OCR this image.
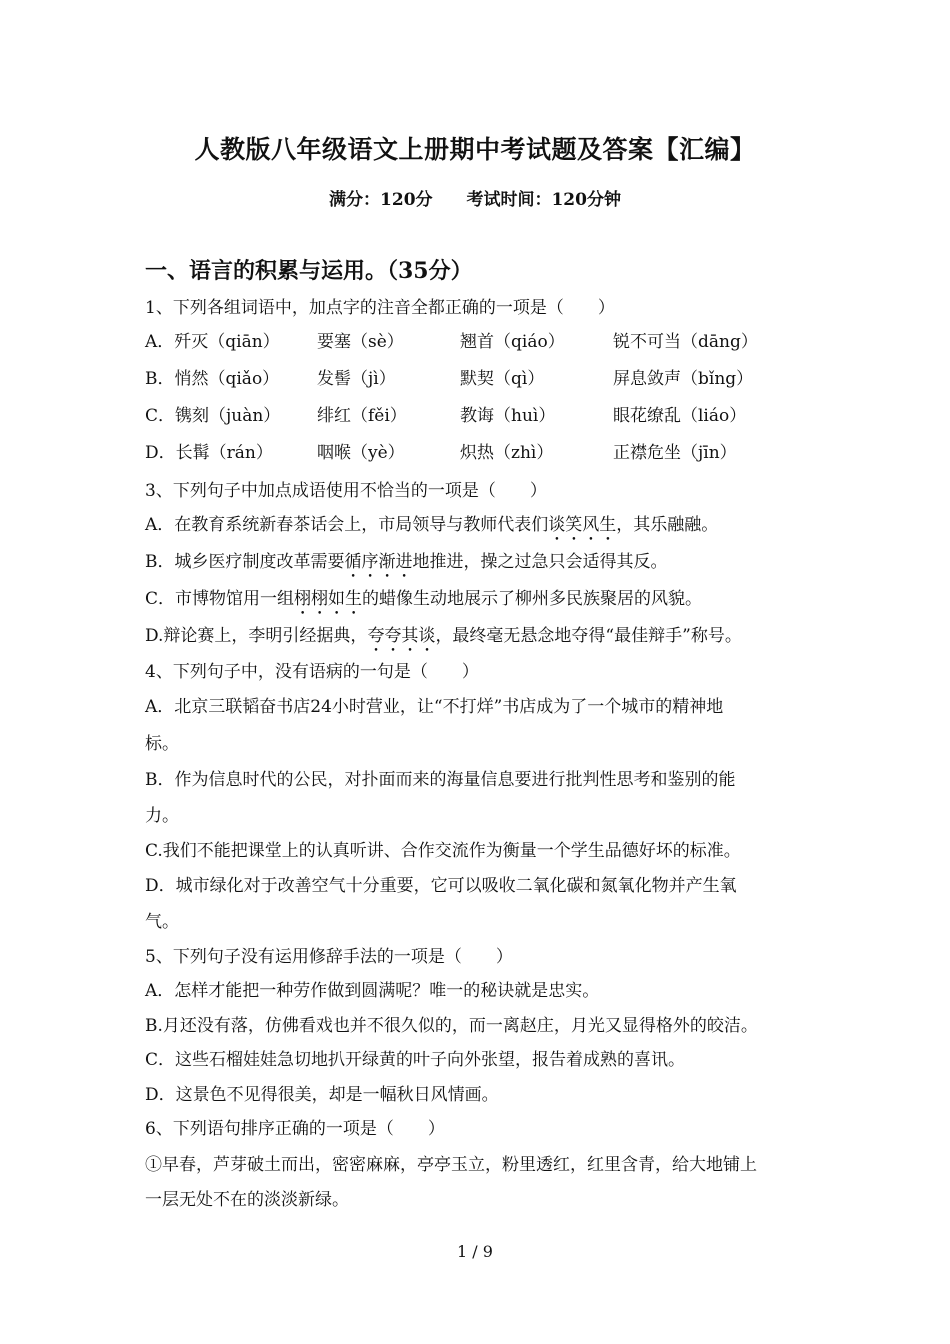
人教版八年级语文上册期中考试题及答案【汇编】
满分：120分 考试时间：120分钟
一、语言的积累与运用。（35分）
1、下列各组词语中，加点字的注音全都正确的一项是（　　）
A．歼灭（qiān） 要塞（sè）	翘首（qiáo）	锐不可当（dāng）
B．悄然（qiǎo） 发髻（jì）	默契（qì）	屏息敛声（bǐng）
C．镌刻（juàn） 绯红（fěi）	教诲（huì）	眼花缭乱（liáo）
D．长髯（rán）	咽喉（yè）	炽热（zhì）	正襟危坐（jīn）
3、下列句子中加点成语使用不恰当的一项是（　　）
A．在教育系统新春茶话会上，市局领导与教师代表们谈笑风生，其乐融融。
B．城乡医疗制度改革需要循序渐进地推进，操之过急只会适得其反。
C．市博物馆用一组栩栩如生的蜡像生动地展示了柳州多民族聚居的风貌。
D.辩论赛上，李明引经据典，夸夸其谈，最终毫无悬念地夺得“最佳辩手”称号。
4、下列句子中，没有语病的一句是（　　）
A．北京三联韬奋书店24小时营业，让“不打烊”书店成为了一个城市的精神地
标。
B．作为信息时代的公民，对扑面而来的海量信息要进行批判性思考和鉴别的能
力。
C.我们不能把课堂上的认真听讲、合作交流作为衡量一个学生品德好坏的标准。
D．城市绿化对于改善空气十分重要，它可以吸收二氧化碳和氮氧化物并产生氧
气。
5、下列句子没有运用修辞手法的一项是（　　）
A．怎样才能把一种劳作做到圆满呢？唯一的秘诀就是忠实。
B.月还没有落，仿佛看戏也并不很久似的，而一离赵庄，月光又显得格外的皎洁。
C．这些石榴娃娃急切地扒开绿黄的叶子向外张望，报告着成熟的喜讯。
D．这景色不见得很美，却是一幅秋日风情画。
6、下列语句排序正确的一项是（　　）
①早春，芦芽破土而出，密密麻麻，亭亭玉立，粉里透红，红里含青，给大地铺上
一层无处不在的淡淡新绿。
1 / 9
